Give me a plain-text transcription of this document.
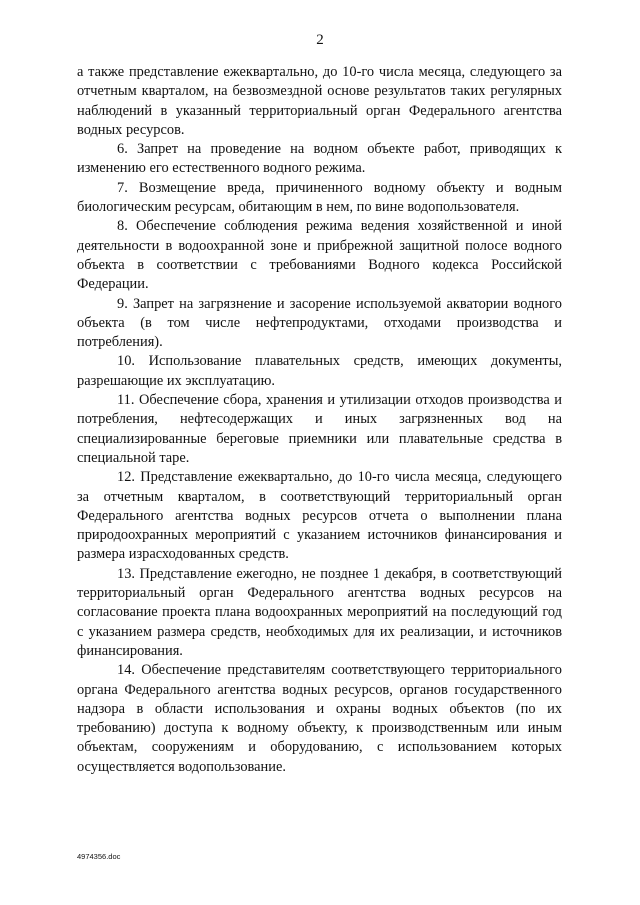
2

а также представление ежеквартально, до 10-го числа месяца, следующего за отчетным кварталом, на безвозмездной основе результатов таких регулярных наблюдений в указанный территориальный орган Федерального агентства водных ресурсов.

6. Запрет на проведение на водном объекте работ, приводящих к изменению его естественного водного режима.

7. Возмещение вреда, причиненного водному объекту и водным биологическим ресурсам, обитающим в нем, по вине водопользователя.

8. Обеспечение соблюдения режима ведения хозяйственной и иной деятельности в водоохранной зоне и прибрежной защитной полосе водного объекта в соответствии с требованиями Водного кодекса Российской Федерации.

9. Запрет на загрязнение и засорение используемой акватории водного объекта (в том числе нефтепродуктами, отходами производства и потребления).

10. Использование плавательных средств, имеющих документы, разрешающие их эксплуатацию.

11. Обеспечение сбора, хранения и утилизации отходов производства и потребления, нефтесодержащих и иных загрязненных вод на специализированные береговые приемники или плавательные средства в специальной таре.

12. Представление ежеквартально, до 10-го числа месяца, следующего за отчетным кварталом, в соответствующий территориальный орган Федерального агентства водных ресурсов отчета о выполнении плана природоохранных мероприятий с указанием источников финансирования и размера израсходованных средств.

13. Представление ежегодно, не позднее 1 декабря, в соответствующий территориальный орган Федерального агентства водных ресурсов на согласование проекта плана водоохранных мероприятий на последующий год с указанием размера средств, необходимых для их реализации, и источников финансирования.

14. Обеспечение представителям соответствующего территориального органа Федерального агентства водных ресурсов, органов государственного надзора в области использования и охраны водных объектов (по их требованию) доступа к водному объекту, к производственным или иным объектам, сооружениям и оборудованию, с использованием которых осуществляется водопользование.

4974356.doc
